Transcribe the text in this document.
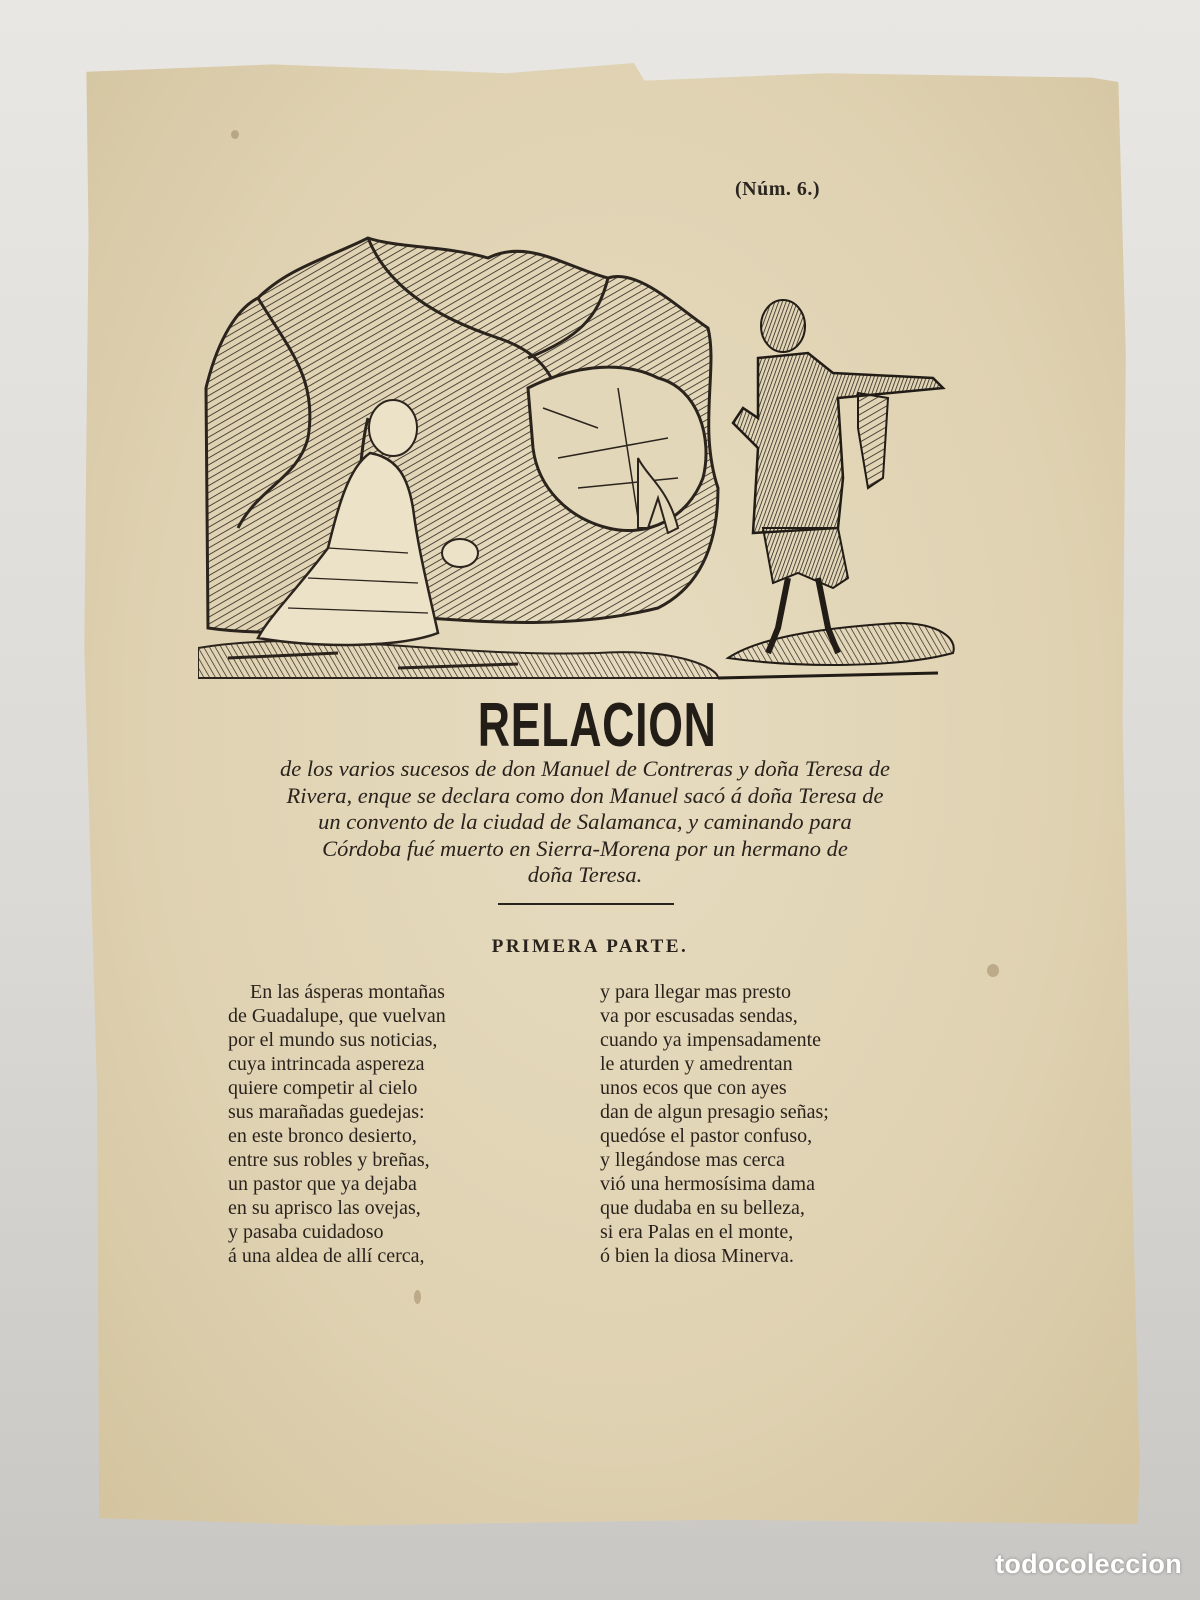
(Núm. 6.)
RELACION
de los varios sucesos de don Manuel de Contreras y doña Teresa de
Rivera, enque se declara como don Manuel sacó á doña Teresa de
un convento de la ciudad de Salamanca, y caminando para
Córdoba fué muerto en Sierra-Morena por un hermano de
doña Teresa.
PRIMERA PARTE.
En las ásperas montañas
de Guadalupe, que vuelvan
por el mundo sus noticias,
cuya intrincada aspereza
quiere competir al cielo
sus marañadas guedejas:
en este bronco desierto,
entre sus robles y breñas,
un pastor que ya dejaba
en su aprisco las ovejas,
y pasaba cuidadoso
á una aldea de allí cerca,
y para llegar mas presto
va por escusadas sendas,
cuando ya impensadamente
le aturden y amedrentan
unos ecos que con ayes
dan de algun presagio señas;
quedóse el pastor confuso,
y llegándose mas cerca
vió una hermosísima dama
que dudaba en su belleza,
si era Palas en el monte,
ó bien la diosa Minerva.
todocoleccion
